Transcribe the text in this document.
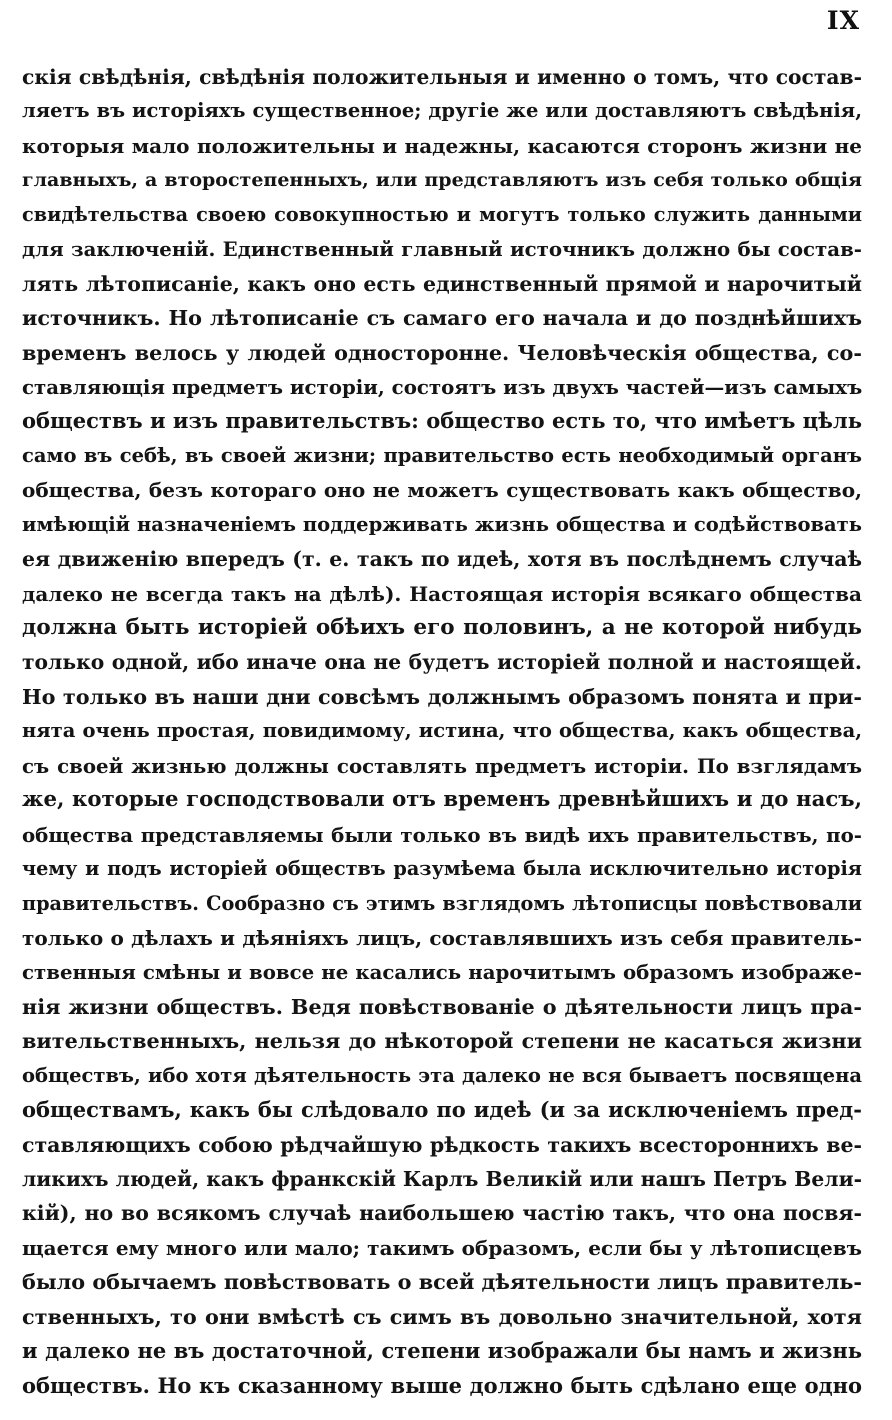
IX
скія свѣдѣнія, свѣдѣнія положительныя и именно о томъ, что состав-
ляетъ въ исторіяхъ существенное; другіе же или доставляютъ свѣдѣнія,
которыя мало положительны и надежны, касаются сторонъ жизни не
главныхъ, а второстепенныхъ, или представляютъ изъ себя только общія
свидѣтельства своею совокупностью и могутъ только служить данными
для заключеній. Единственный главный источникъ должно бы состав-
лять лѣтописаніе, какъ оно есть единственный прямой и нарочитый
источникъ. Но лѣтописаніе съ самаго его начала и до позднѣйшихъ
временъ велось у людей односторонне. Человѣческія общества, со-
ставляющія предметъ исторіи, состоятъ изъ двухъ частей—изъ самыхъ
обществъ и изъ правительствъ: общество есть то, что имѣетъ цѣль
само въ себѣ, въ своей жизни; правительство есть необходимый органъ
общества, безъ котораго оно не можетъ существовать какъ общество,
имѣющій назначеніемъ поддерживать жизнь общества и содѣйствовать
ея движенію впередъ (т. е. такъ по идеѣ, хотя въ послѣднемъ случаѣ
далеко не всегда такъ на дѣлѣ). Настоящая исторія всякаго общества
должна быть исторіей обѣихъ его половинъ, а не которой нибудь
только одной, ибо иначе она не будетъ исторіей полной и настоящей.
Но только въ наши дни совсѣмъ должнымъ образомъ понята и при-
нята очень простая, повидимому, истина, что общества, какъ общества,
съ своей жизнью должны составлять предметъ исторіи. По взглядамъ
же, которые господствовали отъ временъ древнѣйшихъ и до насъ,
общества представляемы были только въ видѣ ихъ правительствъ, по-
чему и подъ исторіей обществъ разумѣема была исключительно исторія
правительствъ. Сообразно съ этимъ взглядомъ лѣтописцы повѣствовали
только о дѣлахъ и дѣяніяхъ лицъ, составлявшихъ изъ себя правитель-
ственныя смѣны и вовсе не касались нарочитымъ образомъ изображе-
нія жизни обществъ. Ведя повѣствованіе о дѣятельности лицъ пра-
вительственныхъ, нельзя до нѣкоторой степени не касаться жизни
обществъ, ибо хотя дѣятельность эта далеко не вся бываетъ посвящена
обществамъ, какъ бы слѣдовало по идеѣ (и за исключеніемъ пред-
ставляющихъ собою рѣдчайшую рѣдкость такихъ всестороннихъ ве-
ликихъ людей, какъ франкскій Карлъ Великій или нашъ Петръ Вели-
кій), но во всякомъ случаѣ наибольшею частію такъ, что она посвя-
щается ему много или мало; такимъ образомъ, если бы у лѣтописцевъ
было обычаемъ повѣствовать о всей дѣятельности лицъ правитель-
ственныхъ, то они вмѣстѣ съ симъ въ довольно значительной, хотя
и далеко не въ достаточной, степени изображали бы намъ и жизнь
обществъ. Но къ сказанному выше должно быть сдѣлано еще одно
